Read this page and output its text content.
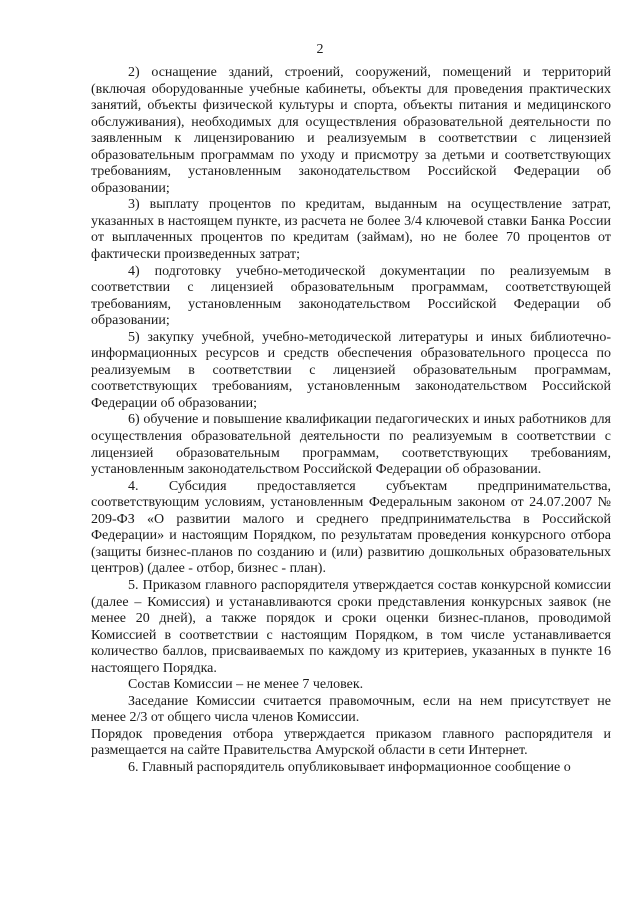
2

2) оснащение зданий, строений, сооружений, помещений и территорий (включая оборудованные учебные кабинеты, объекты для проведения практических занятий, объекты физической культуры и спорта, объекты питания и медицинского обслуживания), необходимых для осуществления образовательной деятельности по заявленным к лицензированию и реализуемым в соответствии с лицензией образовательным программам по уходу и присмотру за детьми и соответствующих требованиям, установленным законодательством Российской Федерации об образовании;

3) выплату процентов по кредитам, выданным на осуществление затрат, указанных в настоящем пункте, из расчета не более 3/4 ключевой ставки Банка России от выплаченных процентов по кредитам (займам), но не более 70 процентов от фактически произведенных затрат;

4) подготовку учебно-методической документации по реализуемым в соответствии с лицензией образовательным программам, соответствующей требованиям, установленным законодательством Российской Федерации об образовании;

5) закупку учебной, учебно-методической литературы и иных библиотечно-информационных ресурсов и средств обеспечения образовательного процесса по реализуемым в соответствии с лицензией образовательным программам, соответствующих требованиям, установленным законодательством Российской Федерации об образовании;

6) обучение и повышение квалификации педагогических и иных работников для осуществления образовательной деятельности по реализуемым в соответствии с лицензией образовательным программам, соответствующих требованиям, установленным законодательством Российской Федерации об образовании.

4. Субсидия предоставляется субъектам предпринимательства, соответствующим условиям, установленным Федеральным законом от 24.07.2007 № 209-ФЗ «О развитии малого и среднего предпринимательства в Российской Федерации» и настоящим Порядком, по результатам проведения конкурсного отбора (защиты бизнес-планов по созданию и (или) развитию дошкольных образовательных центров) (далее - отбор, бизнес - план).

5. Приказом главного распорядителя утверждается состав конкурсной комиссии (далее – Комиссия) и устанавливаются сроки представления конкурсных заявок (не менее 20 дней), а также порядок и сроки оценки бизнес-планов, проводимой Комиссией в соответствии с настоящим Порядком, в том числе устанавливается количество баллов, присваиваемых по каждому из критериев, указанных в пункте 16 настоящего Порядка.

Состав Комиссии – не менее 7 человек.

Заседание Комиссии считается правомочным, если на нем присутствует не менее 2/3 от общего числа членов Комиссии.

Порядок проведения отбора утверждается приказом главного распорядителя и размещается на сайте Правительства Амурской области в сети Интернет.

6. Главный распорядитель опубликовывает информационное сообщение о
